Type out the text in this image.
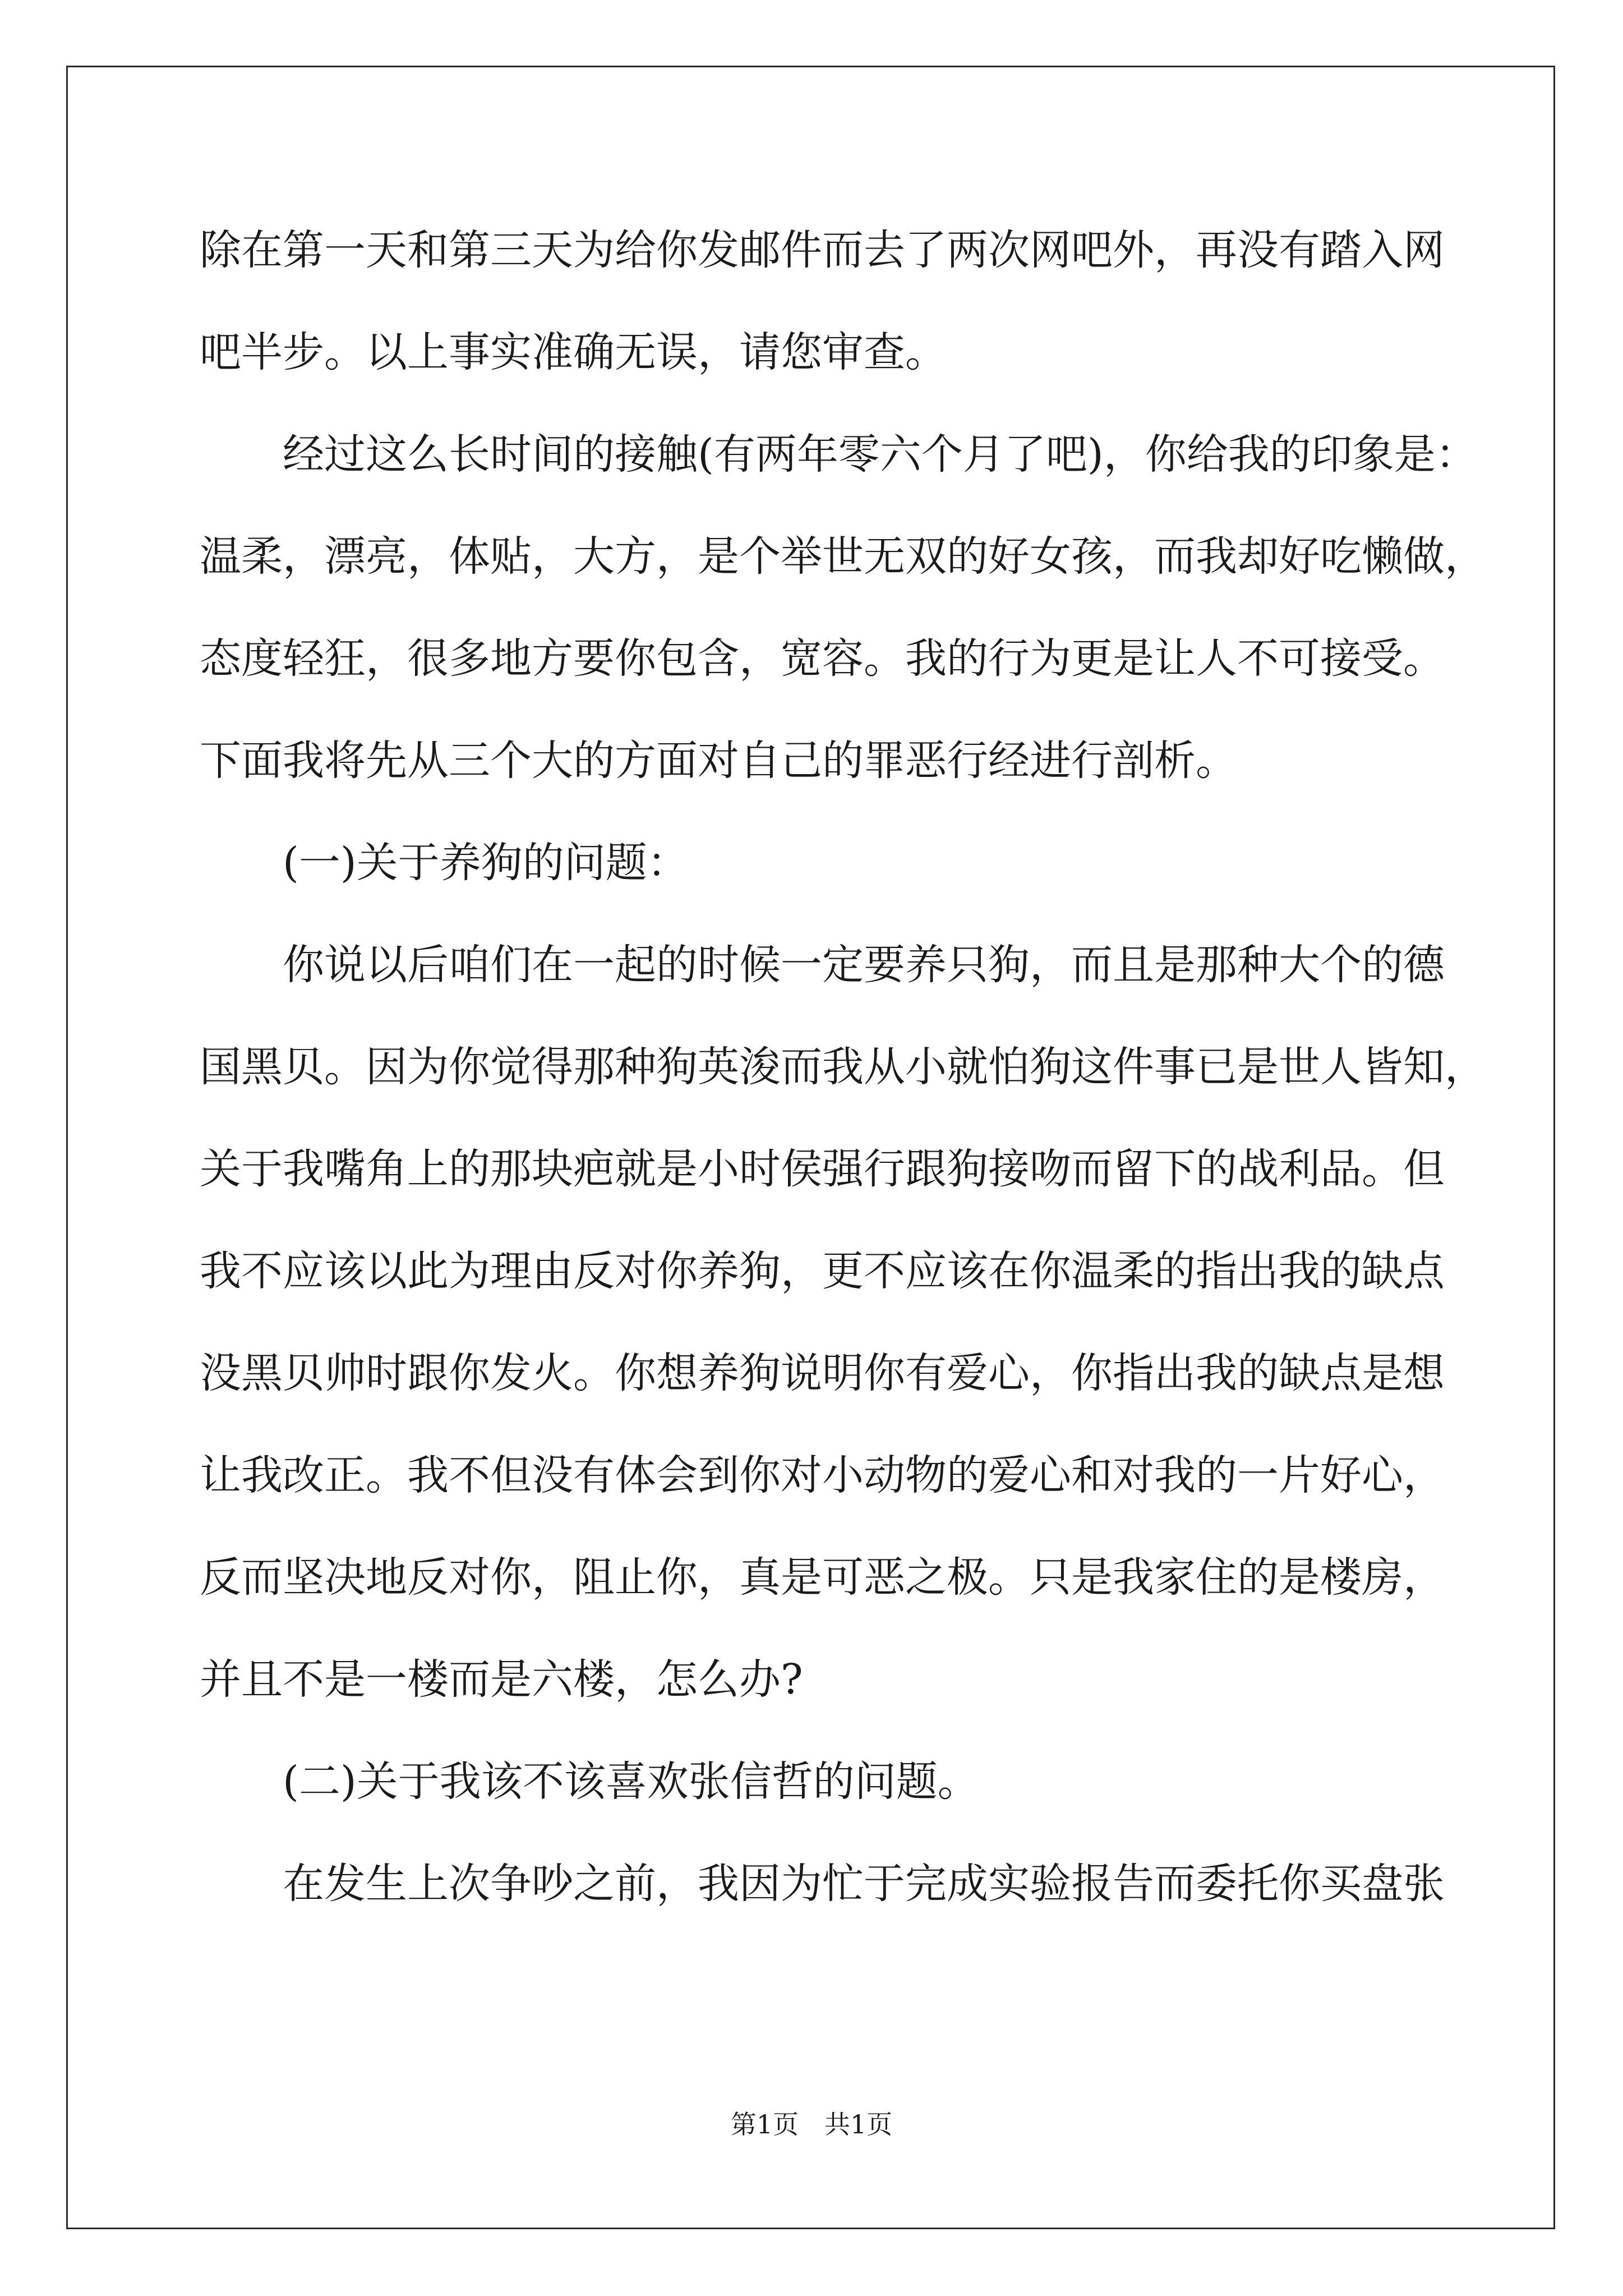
除在第一天和第三天为给你发邮件而去了两次网吧外，再没有踏入网
吧半步。以上事实准确无误，请您审查。
经过这么长时间的接触(有两年零六个月了吧)，你给我的印象是：
温柔，漂亮，体贴，大方，是个举世无双的好女孩，而我却好吃懒做，
态度轻狂，很多地方要你包含，宽容。我的行为更是让人不可接受。
下面我将先从三个大的方面对自己的罪恶行经进行剖析。
(一)关于养狗的问题：
你说以后咱们在一起的时候一定要养只狗，而且是那种大个的德
国黑贝。因为你觉得那种狗英浚而我从小就怕狗这件事已是世人皆知，
关于我嘴角上的那块疤就是小时侯强行跟狗接吻而留下的战利品。但
我不应该以此为理由反对你养狗，更不应该在你温柔的指出我的缺点
没黑贝帅时跟你发火。你想养狗说明你有爱心，你指出我的缺点是想
让我改正。我不但没有体会到你对小动物的爱心和对我的一片好心，
反而坚决地反对你，阻止你，真是可恶之极。只是我家住的是楼房，
并且不是一楼而是六楼，怎么办?
(二)关于我该不该喜欢张信哲的问题。
在发生上次争吵之前，我因为忙于完成实验报告而委托你买盘张
第1页 共1页
